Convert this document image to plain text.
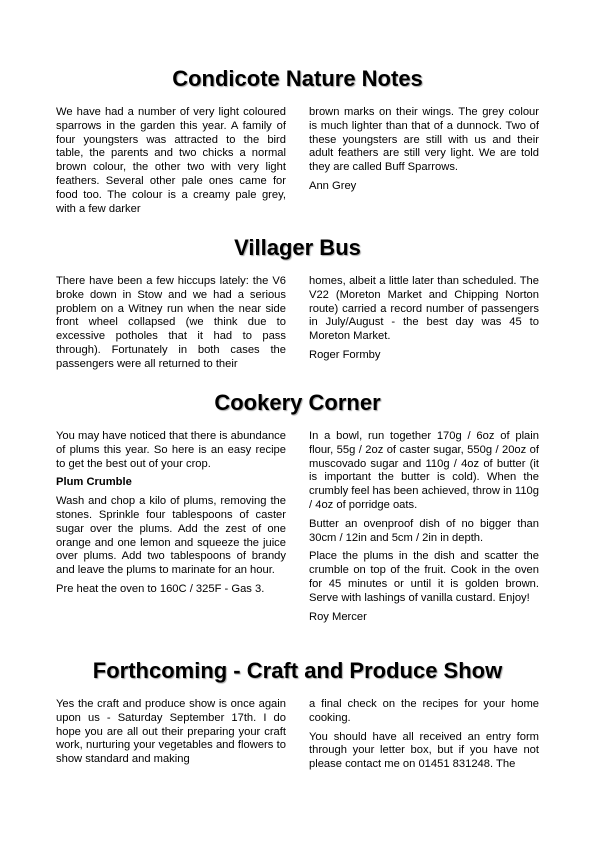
Condicote Nature Notes

We have had a number of very light coloured sparrows in the garden this year. A family of four youngsters was attracted to the bird table, the parents and two chicks a normal brown colour, the other two with very light feathers. Several other pale ones came for food too. The colour is a creamy pale grey, with a few darker

brown marks on their wings. The grey colour is much lighter than that of a dunnock. Two of these youngsters are still with us and their adult feathers are still very light. We are told they are called Buff Sparrows.

Ann Grey

Villager Bus

There have been a few hiccups lately: the V6 broke down in Stow and we had a serious problem on a Witney run when the near side front wheel collapsed (we think due to excessive potholes that it had to pass through). Fortunately in both cases the passengers were all returned to their

homes, albeit a little later than scheduled. The V22 (Moreton Market and Chipping Norton route) carried a record number of passengers in July/August - the best day was 45 to Moreton Market.

Roger Formby

Cookery Corner

You may have noticed that there is abundance of plums this year. So here is an easy recipe to get the best out of your crop.

Plum Crumble

Wash and chop a kilo of plums, removing the stones. Sprinkle four tablespoons of caster sugar over the plums. Add the zest of one orange and one lemon and squeeze the juice over plums. Add two tablespoons of brandy and leave the plums to marinate for an hour.

Pre heat the oven to 160C / 325F - Gas 3.

In a bowl, run together 170g / 6oz of plain flour, 55g / 2oz of caster sugar, 550g / 20oz of muscovado sugar and 110g / 4oz of butter (it is important the butter is cold). When the crumbly feel has been achieved, throw in 110g / 4oz of porridge oats.

Butter an ovenproof dish of no bigger than 30cm / 12in and 5cm / 2in in depth.

Place the plums in the dish and scatter the crumble on top of the fruit. Cook in the oven for 45 minutes or until it is golden brown. Serve with lashings of vanilla custard. Enjoy!

Roy Mercer

Forthcoming - Craft and Produce Show

Yes the craft and produce show is once again upon us - Saturday September 17th. I do hope you are all out their preparing your craft work, nurturing your vegetables and flowers to show standard and making

a final check on the recipes for your home cooking.

You should have all received an entry form through your letter box, but if you have not please contact me on 01451 831248. The
